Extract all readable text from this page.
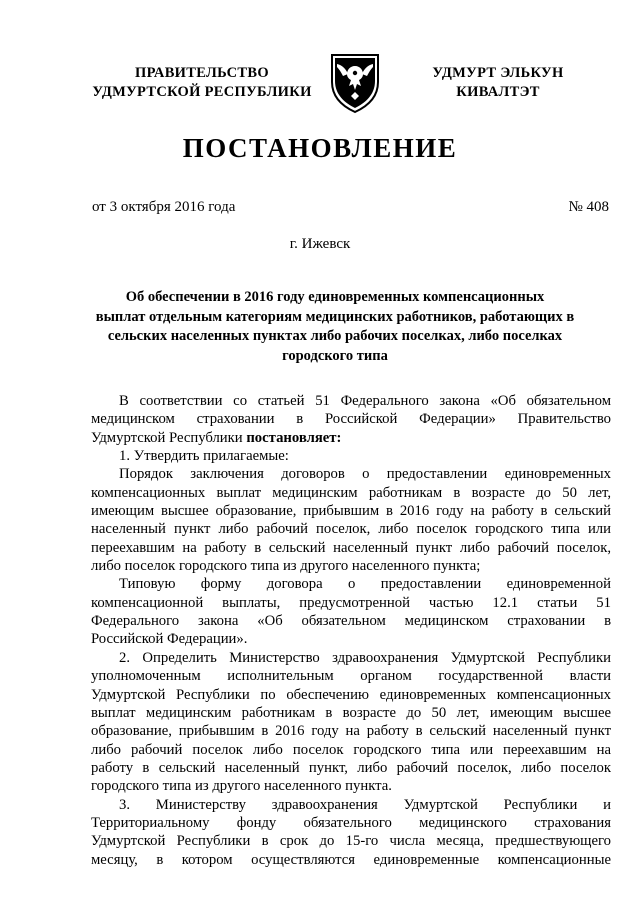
ПРАВИТЕЛЬСТВО
УДМУРТСКОЙ РЕСПУБЛИКИ
УДМУРТ ЭЛЬКУН
КИВАЛТЭТ
ПОСТАНОВЛЕНИЕ
от 3 октября 2016 года	№ 408
г. Ижевск
Об обеспечении в 2016 году единовременных компенсационных
выплат отдельным категориям медицинских работников, работающих в
сельских населенных пунктах либо рабочих поселках, либо поселках
городского типа
В соответствии со статьей 51 Федерального закона «Об обязательном
медицинском страховании в Российской Федерации» Правительство
Удмуртской Республики постановляет:
1. Утвердить прилагаемые:
Порядок заключения договоров о предоставлении единовременных
компенсационных выплат медицинским работникам в возрасте до 50 лет,
имеющим высшее образование, прибывшим в 2016 году на работу в сельский
населенный пункт либо рабочий поселок, либо поселок городского типа или
переехавшим на работу в сельский населенный пункт либо рабочий поселок,
либо поселок городского типа из другого населенного пункта;
Типовую форму договора о предоставлении единовременной
компенсационной выплаты, предусмотренной частью 12.1 статьи 51
Федерального закона «Об обязательном медицинском страховании в
Российской Федерации».
2. Определить Министерство здравоохранения Удмуртской Республики
уполномоченным исполнительным органом государственной власти
Удмуртской Республики по обеспечению единовременных компенсационных
выплат медицинским работникам в возрасте до 50 лет, имеющим высшее
образование, прибывшим в 2016 году на работу в сельский населенный пункт
либо рабочий поселок либо поселок городского типа или переехавшим на
работу в сельский населенный пункт, либо рабочий поселок, либо поселок
городского типа из другого населенного пункта.
3. Министерству здравоохранения Удмуртской Республики и
Территориальному фонду обязательного медицинского страхования
Удмуртской Республики в срок до 15-го числа месяца, предшествующего
месяцу, в котором осуществляются единовременные компенсационные
